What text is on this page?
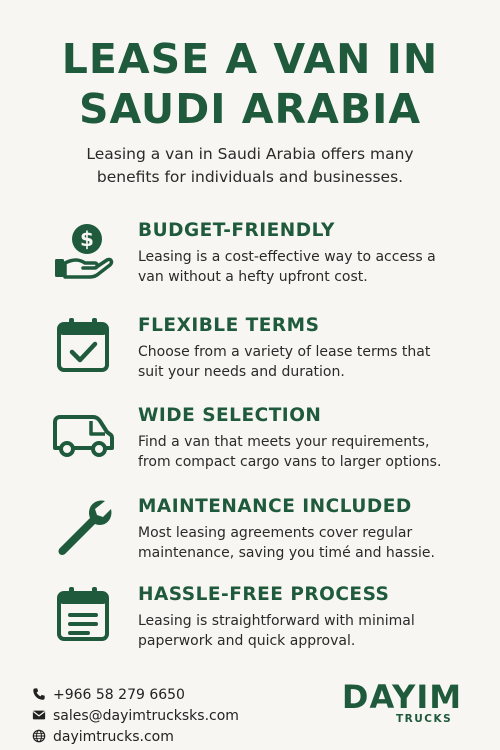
LEASE A VAN IN
SAUDI ARABIA

Leasing a van in Saudi Arabia offers many
benefits for individuals and businesses.

$ BUDGET-FRIENDLY
Leasing is a cost-effective way to access a
van without a hefty upfront cost.
FLEXIBLE TERMS
Choose from a variety of lease terms that
suit your needs and duration.
WIDE SELECTION
Find a van that meets your requirements,
from compact cargo vans to larger options.
MAINTENANCE INCLUDED
Most leasing agreements cover regular
maintenance, saving you timé and hassie.
HASSLE-FREE PROCESS
Leasing is straightforward with minimal
paperwork and quick approval.
+966 58 279 6650
sales@dayimtrucksks.com
dayimtrucks.com
DAYIM
TRUCKS
